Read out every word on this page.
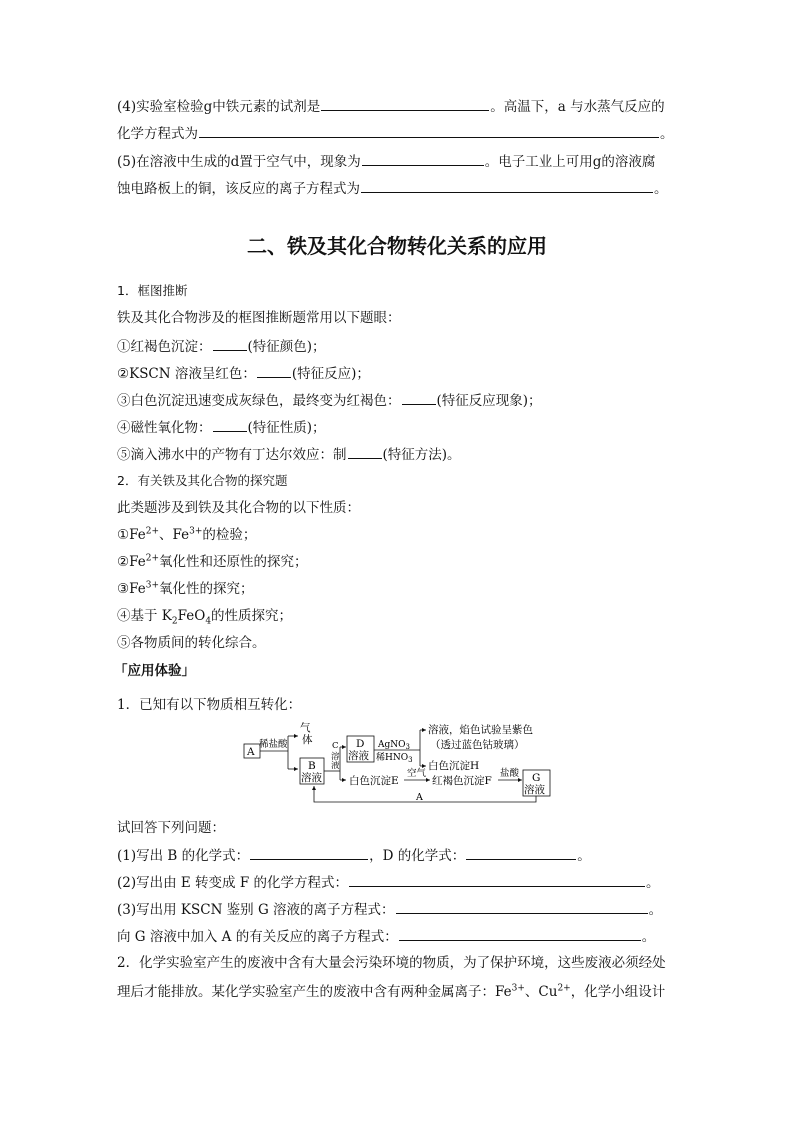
(4)实验室检验g中铁元素的试剂是	。高温下，a 与水蒸气反应的
化学方程式为	。
(5)在溶液中生成的d置于空气中，现象为	。电子工业上可用g的溶液腐
蚀电路板上的铜，该反应的离子方程式为	。
二、铁及其化合物转化关系的应用
1．框图推断
铁及其化合物涉及的框图推断题常用以下题眼：
①红褐色沉淀：	(特征颜色)；
②KSCN 溶液呈红色：	(特征反应)；
③白色沉淀迅速变成灰绿色，最终变为红褐色：	(特征反应现象)；
④磁性氧化物：	(特征性质)；
⑤滴入沸水中的产物有丁达尔效应：制	(特征方法)。
2．有关铁及其化合物的探究题
此类题涉及到铁及其化合物的以下性质：
$①Fe^{2+}$、$Fe^{3+}$的检验；
$②Fe^{2+}$氧化性和还原性的探究；
$③Fe^{3+}$氧化性的探究；
④基于 $K_2FeO_4$的性质探究；
⑤各物质间的转化综合。
「应用体验」
1．已知有以下物质相互转化：
A
稀盐酸
气
体
B
溶液
C
溶
液
D
溶液
AgNO$_3$
稀$HNO_3$
溶液，焰色试验呈紫色
（透过蓝色钴玻璃）
白色沉淀H
白色沉淀E
空气
红褐色沉淀F
盐酸 G
溶液
A
试回答下列问题：
(1)写出 B 的化学式：	，D 的化学式：	。
(2)写出由 E 转变成 F 的化学方程式：	。
(3)写出用 KSCN 鉴别 G 溶液的离子方程式：	。
向 G 溶液中加入 A 的有关反应的离子方程式：	。
2．化学实验室产生的废液中含有大量会污染环境的物质，为了保护环境，这些废液必须经处
理后才能排放。某化学实验室产生的废液中含有两种金属离子：$Fe^{3+}$、$Cu^{2+}$，化学小组设计
